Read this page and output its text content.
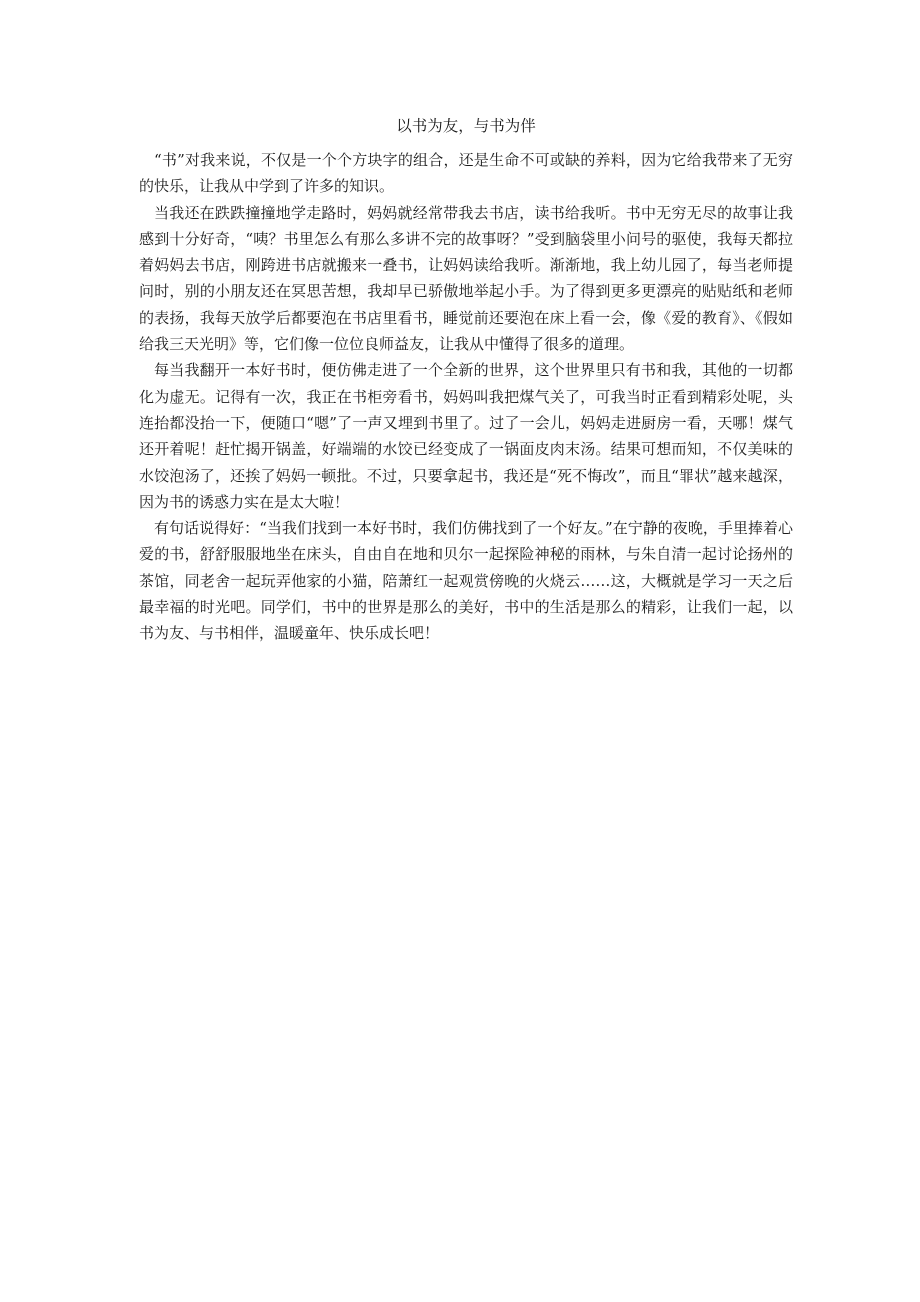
以书为友，与书为伴

“书”对我来说，不仅是一个个方块字的组合，还是生命不可或缺的养料，因为它给我带来了无穷的快乐，让我从中学到了许多的知识。

当我还在跌跌撞撞地学走路时，妈妈就经常带我去书店，读书给我听。书中无穷无尽的故事让我感到十分好奇，“咦？书里怎么有那么多讲不完的故事呀？”受到脑袋里小问号的驱使，我每天都拉着妈妈去书店，刚跨进书店就搬来一叠书，让妈妈读给我听。渐渐地，我上幼儿园了，每当老师提问时，别的小朋友还在冥思苦想，我却早已骄傲地举起小手。为了得到更多更漂亮的贴贴纸和老师的表扬，我每天放学后都要泡在书店里看书，睡觉前还要泡在床上看一会，像《爱的教育》、《假如给我三天光明》等，它们像一位位良师益友，让我从中懂得了很多的道理。

每当我翻开一本好书时，便仿佛走进了一个全新的世界，这个世界里只有书和我，其他的一切都化为虚无。记得有一次，我正在书柜旁看书，妈妈叫我把煤气关了，可我当时正看到精彩处呢，头连抬都没抬一下，便随口“嗯”了一声又埋到书里了。过了一会儿，妈妈走进厨房一看，天哪！煤气还开着呢！赶忙揭开锅盖，好端端的水饺已经变成了一锅面皮肉末汤。结果可想而知，不仅美味的水饺泡汤了，还挨了妈妈一顿批。不过，只要拿起书，我还是“死不悔改”，而且“罪状”越来越深，因为书的诱惑力实在是太大啦！

有句话说得好：“当我们找到一本好书时，我们仿佛找到了一个好友。”在宁静的夜晚，手里捧着心爱的书，舒舒服服地坐在床头，自由自在地和贝尔一起探险神秘的雨林，与朱自清一起讨论扬州的茶馆，同老舍一起玩弄他家的小猫，陪萧红一起观赏傍晚的火烧云……这，大概就是学习一天之后最幸福的时光吧。同学们，书中的世界是那么的美好，书中的生活是那么的精彩，让我们一起，以书为友、与书相伴，温暖童年、快乐成长吧！
